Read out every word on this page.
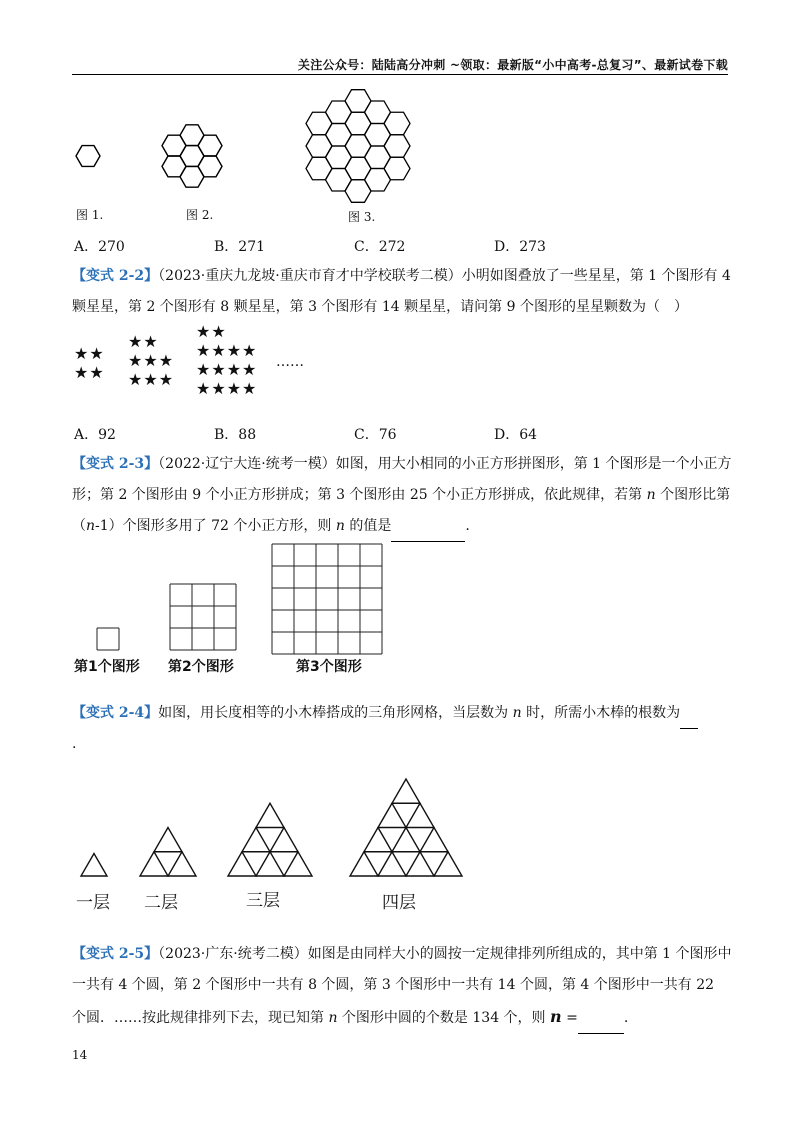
关注公众号：陆陆高分冲刺 ~领取：最新版“小中高考-总复习”、最新试卷下载
图 1.	图 2.	图 3.
A．270	B．271	C．272	D．273
【变式 2-2】（2023·重庆九龙坡·重庆市育才中学校联考二模）小明如图叠放了一些星星，第 1 个图形有 4 颗星星，第 2 个图形有 8 颗星星，第 3 个图形有 14 颗星星，请问第 9 个图形的星星颗数为（　）
★★
★★
★★
★★★
★★★
★★
★★★★
★★★★
★★★★
……
A．92	B．88	C．76	D．64
【变式 2-3】（2022·辽宁大连·统考一模）如图，用大小相同的小正方形拼图形，第 1 个图形是一个小正方形；第 2 个图形由 9 个小正方形拼成；第 3 个图形由 25 个小正方形拼成，依此规律，若第 n 个图形比第（n-1）个图形多用了 72 个小正方形，则 n 的值是	.
第1个图形 第2个图形	第3个图形
【变式 2-4】如图，用长度相等的小木棒搭成的三角形网格，当层数为 n 时，所需小木棒的根数为
.
一层 二层	三层	四层
【变式 2-5】（2023·广东·统考二模）如图是由同样大小的圆按一定规律排列所组成的，其中第 1 个图形中一共有 4 个圆，第 2 个图形中一共有 8 个圆，第 3 个图形中一共有 14 个圆，第 4 个图形中一共有 22 个圆．……按此规律排列下去，现已知第 n 个图形中圆的个数是 134 个，则 n =	.
14
